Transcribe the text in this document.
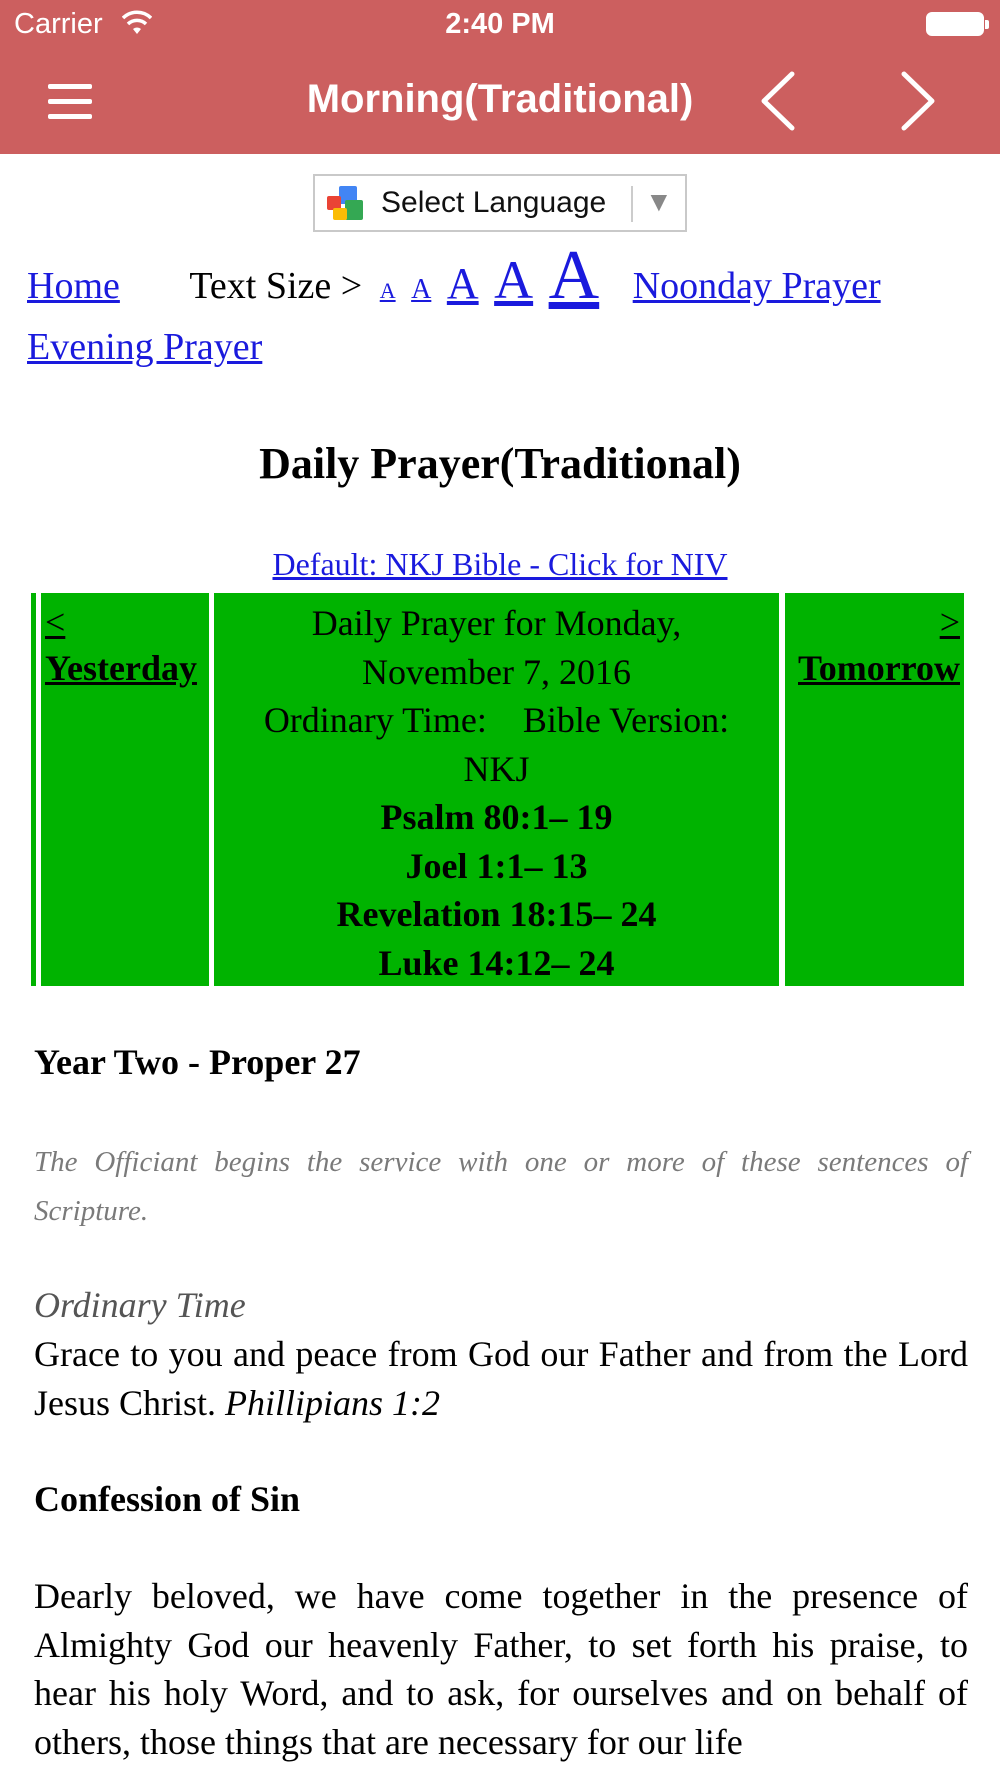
Carrier	2:40 PM
Morning(Traditional)
Select Language ▼
Home Text Size > A A A A A Noonday Prayer
Evening Prayer
Daily Prayer(Traditional)
Default: NKJ Bible - Click for NIV
<
Yesterday
Daily Prayer for Monday,
November 7, 2016
Ordinary Time:    Bible Version:
NKJ
Psalm 80:1– 19
Joel 1:1– 13
Revelation 18:15– 24
Luke 14:12– 24
>
Tomorrow
Year Two - Proper 27
The Officiant begins the service with one or more of these sentences of Scripture.
Ordinary Time
Grace to you and peace from God our Father and from the Lord Jesus Christ. Phillipians 1:2
Confession of Sin
Dearly beloved, we have come together in the presence of Almighty God our heavenly Father, to set forth his praise, to hear his holy Word, and to ask, for ourselves and on behalf of others, those things that are necessary for our life
